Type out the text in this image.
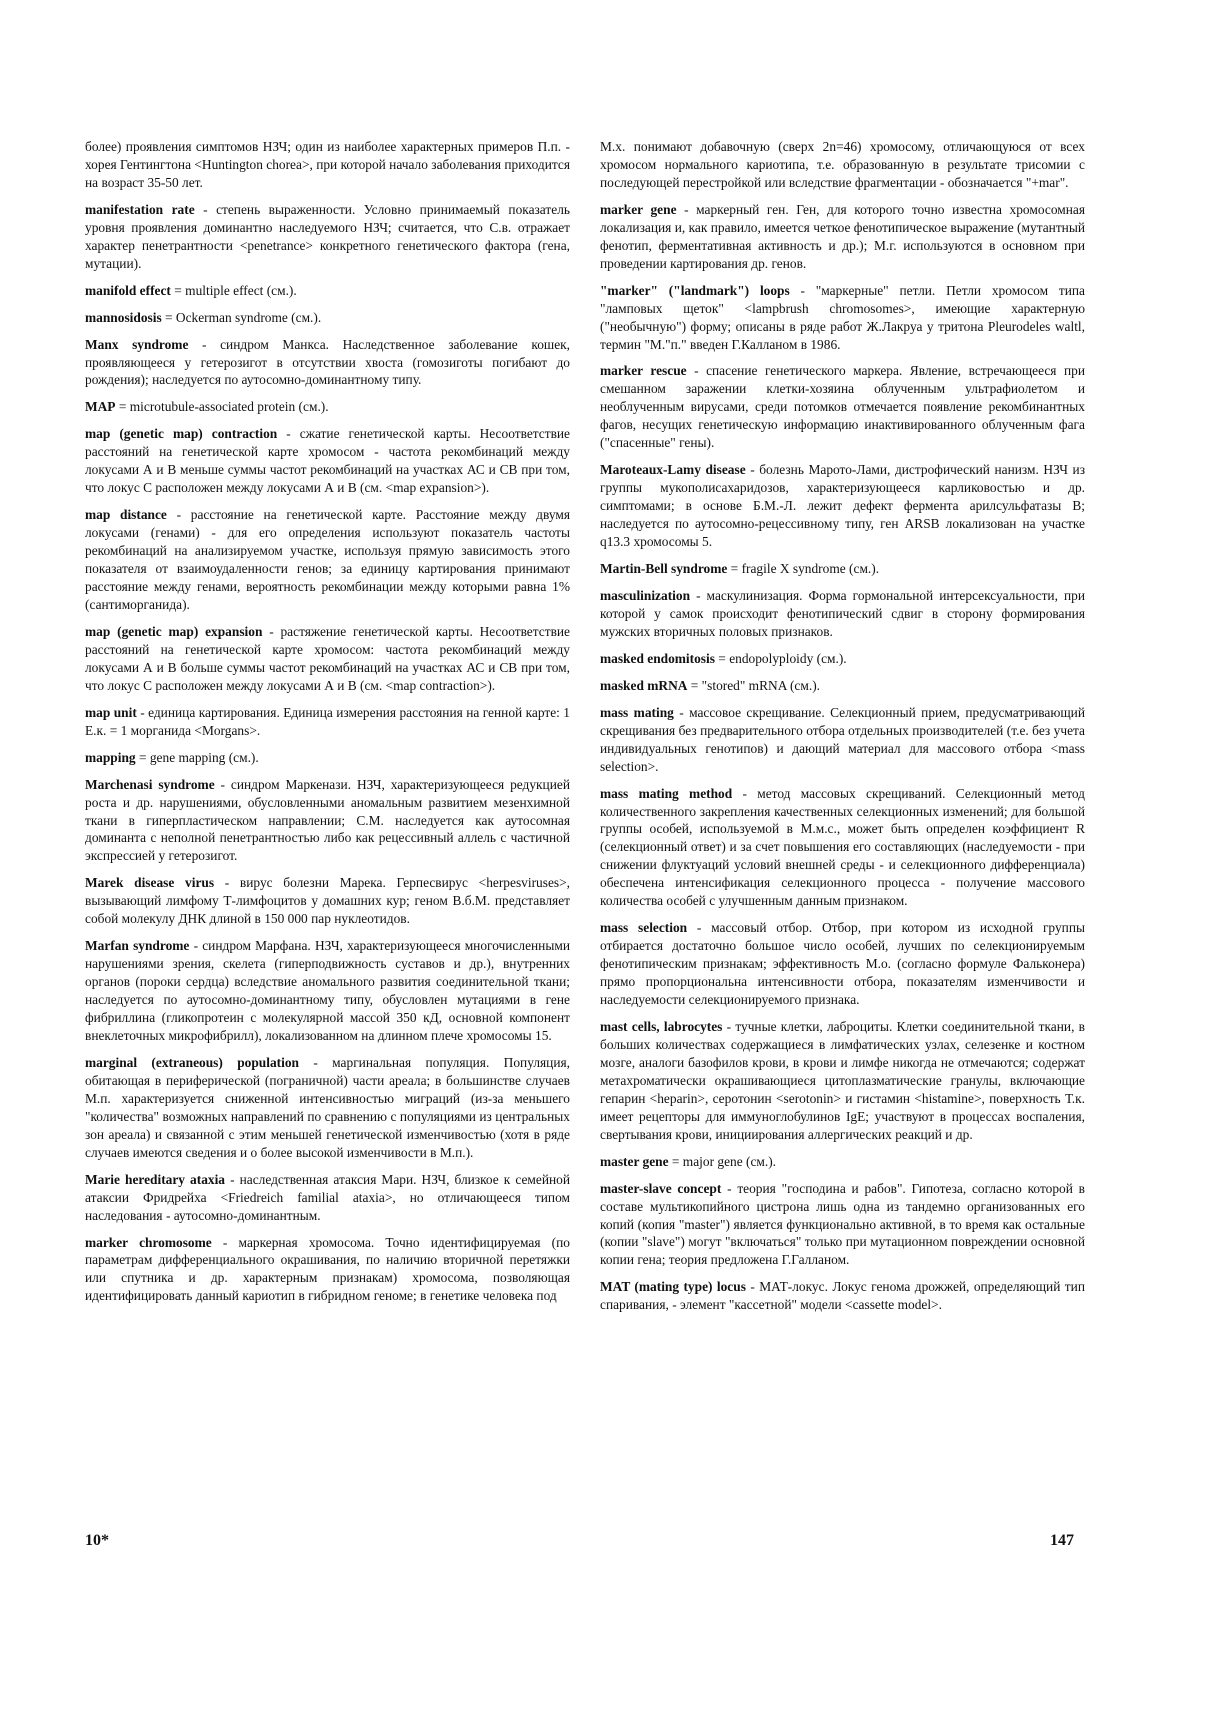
более) проявления симптомов НЗЧ; один из наиболее характерных примеров П.п. - хорея Гентингтона <Huntington chorea>, при которой начало заболевания приходится на возраст 35-50 лет.

manifestation rate - степень выраженности. Условно принимаемый показатель уровня проявления доминантно наследуемого НЗЧ; считается, что С.в. отражает характер пенетрантности <penetrance> конкретного генетического фактора (гена, мутации).

manifold effect = multiple effect (см.).

mannosidosis = Ockerman syndrome (см.).

Manx syndrome - синдром Манкса. Наследственное заболевание кошек, проявляющееся у гетерозигот в отсутствии хвоста (гомозиготы погибают до рождения); наследуется по аутосомно-доминантному типу.

MAP = microtubule-associated protein (см.).

map (genetic map) contraction - сжатие генетической карты. Несоответствие расстояний на генетической карте хромосом - частота рекомбинаций между локусами А и В меньше суммы частот рекомбинаций на участках АС и СВ при том, что локус С расположен между локусами А и В (см. <map expansion>).

map distance - расстояние на генетической карте. Расстояние между двумя локусами (генами) - для его определения используют показатель частоты рекомбинаций на анализируемом участке, используя прямую зависимость этого показателя от взаимоудаленности генов; за единицу картирования принимают расстояние между генами, вероятность рекомбинации между которыми равна 1% (сантиморганида).

map (genetic map) expansion - растяжение генетической карты. Несоответствие расстояний на генетической карте хромосом: частота рекомбинаций между локусами А и В больше суммы частот рекомбинаций на участках АС и СВ при том, что локус С расположен между локусами А и В (см. <map contraction>).

map unit - единица картирования. Единица измерения расстояния на генной карте: 1 Е.к. = 1 морганида <Morgans>.

mapping = gene mapping (см.).

Marchenasi syndrome - синдром Маркенази. НЗЧ, характеризующееся редукцией роста и др. нарушениями, обусловленными аномальным развитием мезенхимной ткани в гиперпластическом направлении; С.М. наследуется как аутосомная доминанта с неполной пенетрантностью либо как рецессивный аллель с частичной экспрессией у гетерозигот.

Marek disease virus - вирус болезни Марека. Герпесвирус <herpesviruses>, вызывающий лимфому Т-лимфоцитов у домашних кур; геном В.б.М. представляет собой молекулу ДНК длиной в 150 000 пар нуклеотидов.

Marfan syndrome - синдром Марфана. НЗЧ, характеризующееся многочисленными нарушениями зрения, скелета (гиперподвижность суставов и др.), внутренних органов (пороки сердца) вследствие аномального развития соединительной ткани; наследуется по аутосомно-доминантному типу, обусловлен мутациями в гене фибриллина (гликопротеин с молекулярной массой 350 кД, основной компонент внеклеточных микрофибрилл), локализованном на длинном плече хромосомы 15.

marginal (extraneous) population - маргинальная популяция. Популяция, обитающая в периферической (пограничной) части ареала; в большинстве случаев М.п. характеризуется сниженной интенсивностью миграций (из-за меньшего "количества" возможных направлений по сравнению с популяциями из центральных зон ареала) и связанной с этим меньшей генетической изменчивостью (хотя в ряде случаев имеются сведения и о более высокой изменчивости в М.п.).

Marie hereditary ataxia - наследственная атаксия Мари. НЗЧ, близкое к семейной атаксии Фридрейха <Friedreich familial ataxia>, но отличающееся типом наследования - аутосомно-доминантным.

marker chromosome - маркерная хромосома. Точно идентифицируемая (по параметрам дифференциального окрашивания, по наличию вторичной перетяжки или спутника и др. характерным признакам) хромосома, позволяющая идентифицировать данный кариотип в гибридном геноме; в генетике человека под

М.х. понимают добавочную (сверх 2n=46) хромосому, отличающуюся от всех хромосом нормального кариотипа, т.е. образованную в результате трисомии с последующей перестройкой или вследствие фрагментации - обозначается "+mar".

marker gene - маркерный ген. Ген, для которого точно известна хромосомная локализация и, как правило, имеется четкое фенотипическое выражение (мутантный фенотип, ферментативная активность и др.); М.г. используются в основном при проведении картирования др. генов.

"marker" ("landmark") loops - "маркерные" петли. Петли хромосом типа "ламповых щеток" <lampbrush chromosomes>, имеющие характерную ("необычную") форму; описаны в ряде работ Ж.Лакруа у тритона Pleurodeles waltl, термин "М."п." введен Г.Калланом в 1986.

marker rescue - спасение генетического маркера. Явление, встречающееся при смешанном заражении клетки-хозяина облученным ультрафиолетом и необлученным вирусами, среди потомков отмечается появление рекомбинантных фагов, несущих генетическую информацию инактивированного облученным фага ("спасенные" гены).

Maroteaux-Lamy disease - болезнь Марото-Лами, дистрофический нанизм. НЗЧ из группы мукополисахаридозов, характеризующееся карликовостью и др. симптомами; в основе Б.М.-Л. лежит дефект фермента арилсульфатазы В; наследуется по аутосомно-рецессивному типу, ген ARSB локализован на участке q13.3 хромосомы 5.

Martin-Bell syndrome = fragile X syndrome (см.).

masculinization - маскулинизация. Форма гормональной интерсексуальности, при которой у самок происходит фенотипический сдвиг в сторону формирования мужских вторичных половых признаков.

masked endomitosis = endopolyploidy (см.).

masked mRNA = "stored" mRNA (см.).

mass mating - массовое скрещивание. Селекционный прием, предусматривающий скрещивания без предварительного отбора отдельных производителей (т.е. без учета индивидуальных генотипов) и дающий материал для массового отбора <mass selection>.

mass mating method - метод массовых скрещиваний. Селекционный метод количественного закрепления качественных селекционных изменений; для большой группы особей, используемой в М.м.с., может быть определен коэффициент R (селекционный ответ) и за счет повышения его составляющих (наследуемости - при снижении флуктуаций условий внешней среды - и селекционного дифференциала) обеспечена интенсификация селекционного процесса - получение массового количества особей с улучшенным данным признаком.

mass selection - массовый отбор. Отбор, при котором из исходной группы отбирается достаточно большое число особей, лучших по селекционируемым фенотипическим признакам; эффективность М.о. (согласно формуле Фальконера) прямо пропорциональна интенсивности отбора, показателям изменчивости и наследуемости селекционируемого признака.

mast cells, labrocytes - тучные клетки, лаброциты. Клетки соединительной ткани, в больших количествах содержащиеся в лимфатических узлах, селезенке и костном мозге, аналоги базофилов крови, в крови и лимфе никогда не отмечаются; содержат метахроматически окрашивающиеся цитоплазматические гранулы, включающие гепарин <heparin>, серотонин <serotonin> и гистамин <histamine>, поверхность Т.к. имеет рецепторы для иммуноглобулинов IgE; участвуют в процессах воспаления, свертывания крови, инициирования аллергических реакций и др.

master gene = major gene (см.).

master-slave concept - теория "господина и рабов". Гипотеза, согласно которой в составе мультикопийного цистрона лишь одна из тандемно организованных его копий (копия "master") является функционально активной, в то время как остальные (копии "slave") могут "включаться" только при мутационном повреждении основной копии гена; теория предложена Г.Галланом.

MAT (mating type) locus - МАТ-локус. Локус генома дрожжей, определяющий тип спаривания, - элемент "кассетной" модели <cassette model>.

10*	147
